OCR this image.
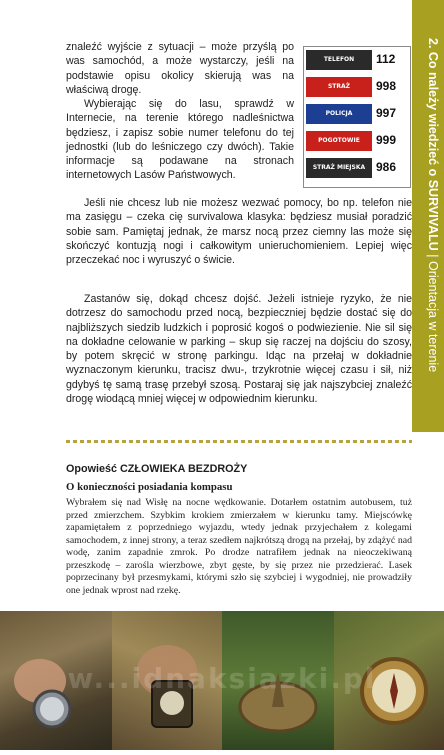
2. Co należy wiedzieć o SURVIVALU | Orientacja w terenie

znaleźć wyjście z sytuacji – może przyślą po was samochód, a może wystarczy, jeśli na podstawie opisu okolicy skierują was na właściwą drogę.

Wybierając się do lasu, sprawdź w Internecie, na terenie którego nadleśnictwa będziesz, i zapisz sobie numer telefonu do tej jednostki (lub do leśniczego czy dwóch). Takie informacje są podawane na stronach internetowych Lasów Państwowych.

Jeśli nie chcesz lub nie możesz wezwać pomocy, bo np. telefon nie ma zasięgu – czeka cię survivalowa klasyka: będziesz musiał poradzić sobie sam. Pamiętaj jednak, że marsz nocą przez ciemny las może się skończyć kontuzją nogi i całkowitym unieruchomieniem. Lepiej więc przeczekać noc i wyruszyć o świcie.

Zastanów się, dokąd chcesz dojść. Jeżeli istnieje ryzyko, że nie dotrzesz do samochodu przed nocą, bezpieczniej będzie dostać się do najbliższych siedzib ludzkich i poprosić kogoś o podwiezienie. Nie sil się na dokładne celowanie w parking – skup się raczej na dojściu do szosy, by potem skręcić w stronę parkingu. Idąc na przełaj w dokładnie wyznaczonym kierunku, tracisz dwu-, trzykrotnie więcej czasu i sił, niż gdybyś tę samą trasę przebył szosą. Postaraj się jak najszybciej znaleźć drogę wiodącą mniej więcej w odpowiednim kierunku.

TELEFON	112
STRAŻ	998
POLICJA	997
POGOTOWIE	999
STRAŻ MIEJSKA 986
Opowieść CZŁOWIEKA BEZDROŻY
O konieczności posiadania kompasu

Wybrałem się nad Wisłę na nocne wędkowanie. Dotarłem ostatnim autobusem, tuż przed zmierzchem. Szybkim krokiem zmierzałem w kierunku tamy. Miejscówkę zapamiętałem z poprzedniego wyjazdu, wtedy jednak przyjechałem z kolegami samochodem, z innej strony, a teraz szedłem najkrótszą drogą na przełaj, by zdążyć nad wodę, zanim zapadnie zmrok. Po drodze natrafiłem jednak na nieoczekiwaną przeszkodę – zarośla wierzbowe, zbyt gęste, by się przez nie przedzierać. Lasek poprzecinany był przesmykami, którymi szło się szybciej i wygodniej, nie prowadziły one jednak wprost nad rzekę.

w...idnaksiazki.pl
